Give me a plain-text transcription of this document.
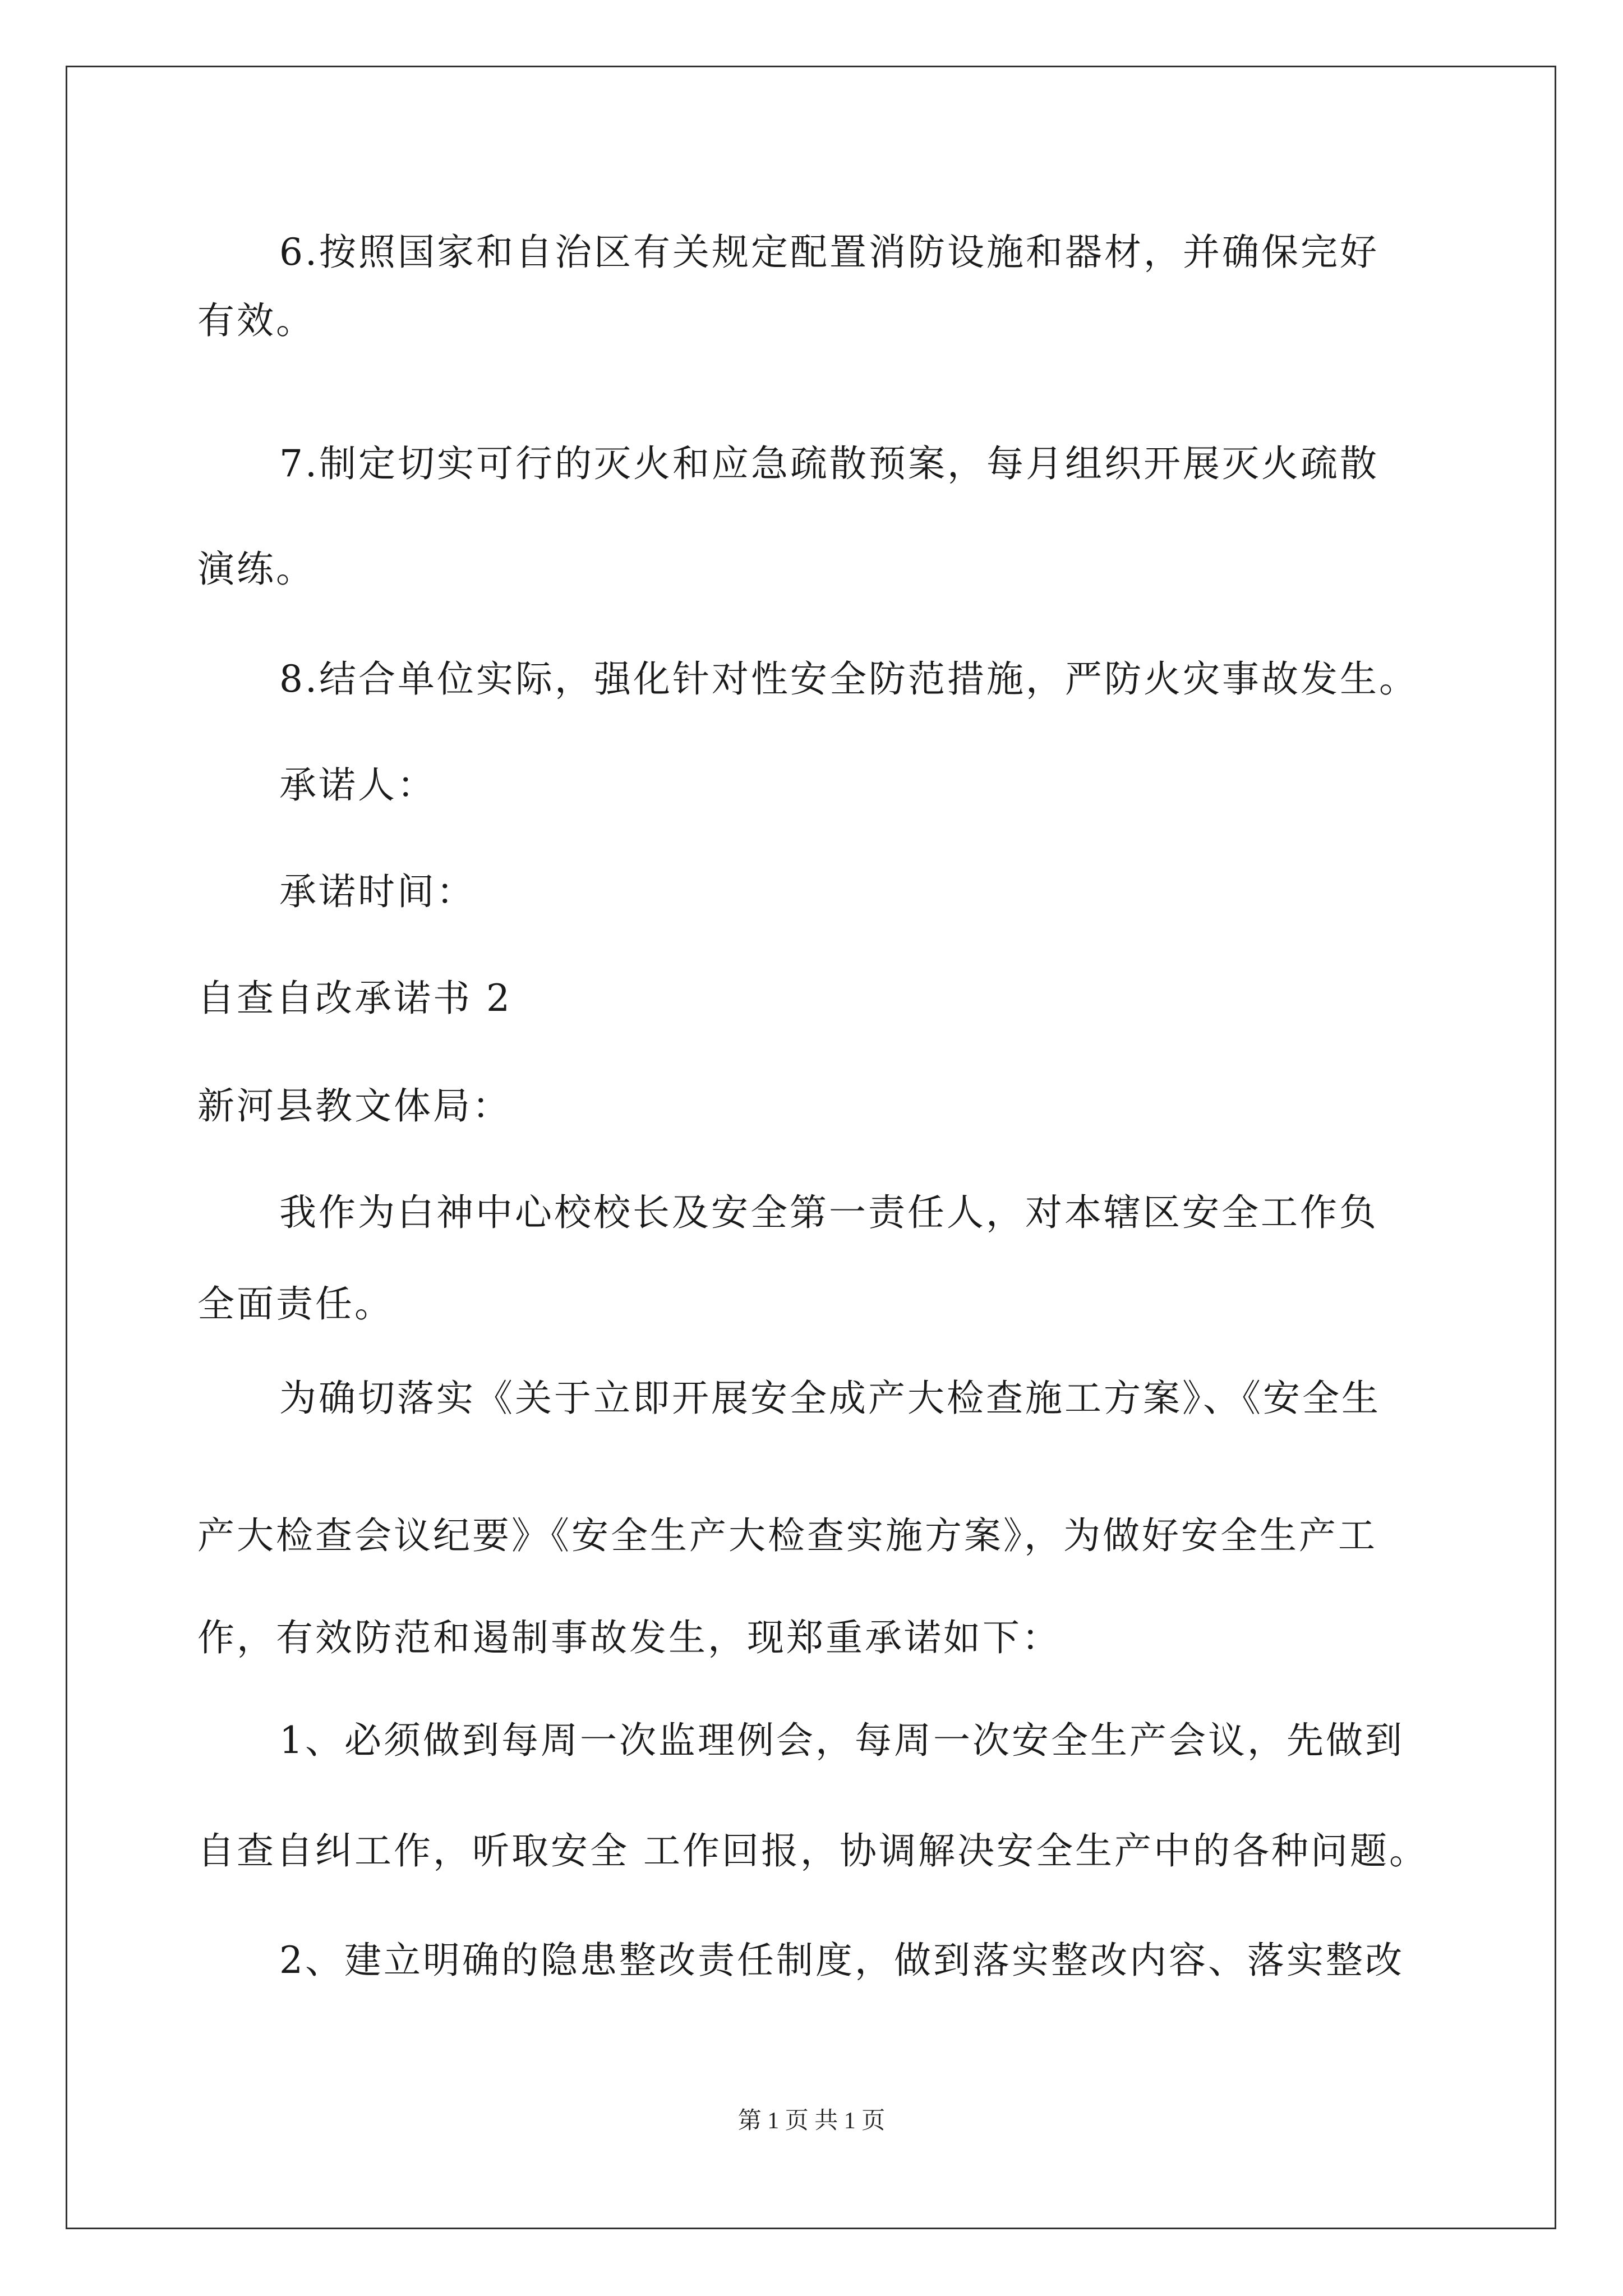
6.按照国家和自治区有关规定配置消防设施和器材，并确保完好
有效。
7.制定切实可行的灭火和应急疏散预案，每月组织开展灭火疏散
演练。
8.结合单位实际，强化针对性安全防范措施，严防火灾事故发生。
承诺人：
承诺时间：
自查自改承诺书 2
新河县教文体局：
我作为白神中心校校长及安全第一责任人，对本辖区安全工作负
全面责任。
为确切落实《关于立即开展安全成产大检查施工方案》、《安全生
产大检查会议纪要》《安全生产大检查实施方案》，为做好安全生产工
作，有效防范和遏制事故发生，现郑重承诺如下：
1、必须做到每周一次监理例会，每周一次安全生产会议，先做到
自查自纠工作，听取安全 工作回报，协调解决安全生产中的各种问题。
2、建立明确的隐患整改责任制度，做到落实整改内容、落实整改
第 1 页 共 1 页
